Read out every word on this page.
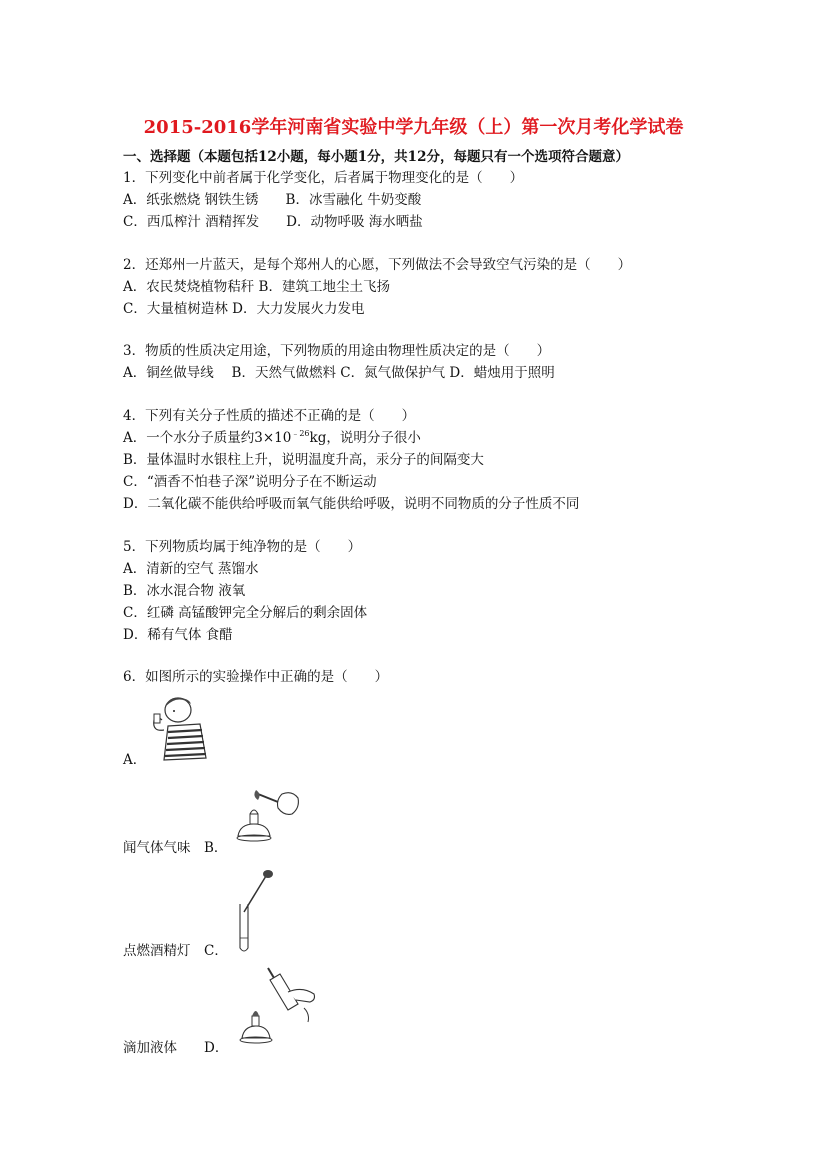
2015-2016学年河南省实验中学九年级（上）第一次月考化学试卷
一、选择题（本题包括12小题，每小题1分，共12分，每题只有一个选项符合题意）
1．下列变化中前者属于化学变化，后者属于物理变化的是（　　）
A．纸张燃烧 钢铁生锈　　B．冰雪融化 牛奶变酸
C．西瓜榨汁 酒精挥发　　D．动物呼吸 海水晒盐
2．还郑州一片蓝天，是每个郑州人的心愿，下列做法不会导致空气污染的是（　　）
A．农民焚烧植物秸秆 B．建筑工地尘土飞扬
C．大量植树造林 D．大力发展火力发电
3．物质的性质决定用途，下列物质的用途由物理性质决定的是（　　）
A．铜丝做导线　 B．天然气做燃料 C．氮气做保护气 D．蜡烛用于照明
4．下列有关分子性质的描述不正确的是（　　）
A．一个水分子质量约$3\times 10^{﹣26}kg$，说明分子很小
B．量体温时水银柱上升，说明温度升高，汞分子的间隔变大
C．“酒香不怕巷子深”说明分子在不断运动
D．二氧化碳不能供给呼吸而氧气能供给呼吸，说明不同物质的分子性质不同
5．下列物质均属于纯净物的是（　　）
A．清新的空气 蒸馏水
B．冰水混合物 液氧
C．红磷 高锰酸钾完全分解后的剩余固体
D．稀有气体 食醋
6．如图所示的实验操作中正确的是（　　）
A．
闻气体气味　B．
点燃酒精灯　C．
滴加液体　　D．
